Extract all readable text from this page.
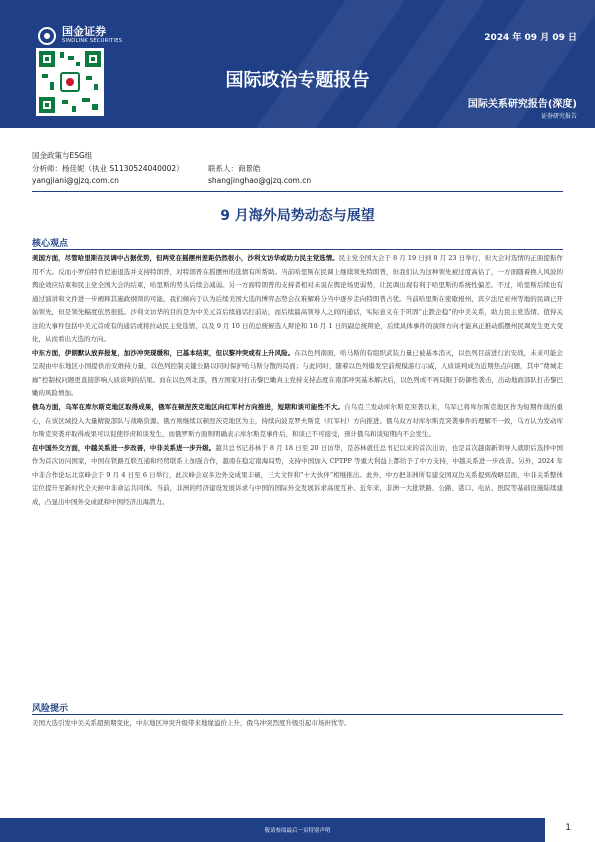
国金证券
SINOLINK SECURITIES	2024 年 09 月 09 日
国际政治专题报告
国际关系研究报告(深度)
证券研究报告
国金政策与ESG组
分析师：杨佳妮（执业 S1130524040002）
yangjiani@gjzq.com.cn
联系人：商景皓
shangjinghao@gjzq.com.cn
9 月海外局势动态与展望
核心观点

美国方面，尽管哈里斯在民调中占据优势，但两党在摇摆州差距仍然很小，沙利文访华或助力民主党选情。民主党全国大会于 8 月 19 日到 8 月 23 日举行，但大会对选情的正面提振作用不大。反而小罗伯特肯尼迪退选并支持特朗普，对特朗普在摇摆州的选情有所帮助。当前哈里斯在民调上继续领先特朗普，但我们认为这种领先被过度高估了，一方面随着换人风波的舆论效应结束和民主党全国大会的结束，哈里斯的势头后续会减弱。另一方面特朗普的支持者相对未说在舆论场更弱势，让民调出现有利于哈里斯的系统性偏差。不过，哈里斯后续也有通过演讲和文件进一步阐释其施政纲领的可能。我们倾向于认为后续美国大选的博弈态势会在难解难分当中逐步走向特朗普占优。当前哈里斯在密歇根州、宾夕法尼亚州等地的民调已开始领先，但是领先幅度依然很低。沙利文访华的目的是为中美元首后续通话打前站，而后续最高领导人之间的通话，实际意义在于巩固“止跌企稳”的中美关系，助力民主党选情。值得关注的大事件包括中美元首或有的通话或将拉动民主党选情，以及 9 月 10 日的总统候选人辩论和 10 月 1 日的副总统辩论，后续具体事件的演绎方向才能真正推动摇摆州民调发生更大变化，从而看出大选的方向。

中东方面，伊朗默认放弃报复，加沙冲突现缓和，已基本结束，但以黎冲突或有上升风险。在以色列南面，哈马斯的有组织武装力量已被基本消灭，以色列目前进行治安战，未来可能会呈现由中东地区小国提供治安维持力量，以色列控制关键公路以同时保护哈马斯分散的局面；与此同时，随着以色列爆发空前规模游行示威，人质谈判成为近期焦点问题，其中“费城走廊”控制权问题更直接影响人质谈判的结果。而在以色列北部，西方国家对打击黎巴嫩真主党持支持态度在南部冲突基本解决后，以色列或不再局限于防御性袭击，出动地面部队打击黎巴嫩的风险增加。

俄乌方面，乌军在库尔斯克地区取得成果，俄军在顿涅茨克地区向红军村方向推进，短期和谈可能性不大。自乌克兰发动库尔斯克突袭以来，乌军已将库尔斯克地区作为短期作战的重心，在该区域投入大量精锐部队与战略资源。俄方则继续以顿涅茨克地区为主，持续向波克罗夫斯克（红军村）方向推进。俄乌双方对库尔斯克突袭事件的理解不一致，乌方认为发动库尔斯克突袭并取得成果可以促使俘虏和谈发生，而俄罗斯方面则明确表示库尔斯克事件后，和谈已不可接受，预计俄乌和谈短期内不会发生。

在中国外交方面，中越关系进一步改善，中非关系进一步升级。越共总书记苏林于 8 月 18 日至 20 日访华，是苏林就任总书记以来的首次出访，也是首次越南新领导人就职后选择中国作为首次访问国家，中国在铁路互联互通和经贸联系上加强合作，越南在稳定南海局势，支持中国加入 CPTPP 等重大利益上都给予了中方支持，中越关系进一步改善。另外，2024 年中非合作论坛北京峰会于 9 月 4 日至 6 日举行，此次峰会双多边外交成果丰硕，三大文件和“十大伙伴”相继推出。此外，中方把非洲所有建交国双边关系提到战略层面，中非关系整体定位提升至新时代全天候中非命运共同体。当前，非洲的经济建设发展诉求与中国的国际外交发展诉求高度互补。近年来，非洲一大批铁路、公路、港口、电站、医院等基础设施陆续建成，凸显出中国外交成就和中国经济出海潜力。

风险提示
美国大选引发中美关系超预期变化，中东地区冲突升级带来地缘溢价上升，俄乌冲突烈度升级引起市场担忧等。
敬请参阅最后一页特别声明	1
